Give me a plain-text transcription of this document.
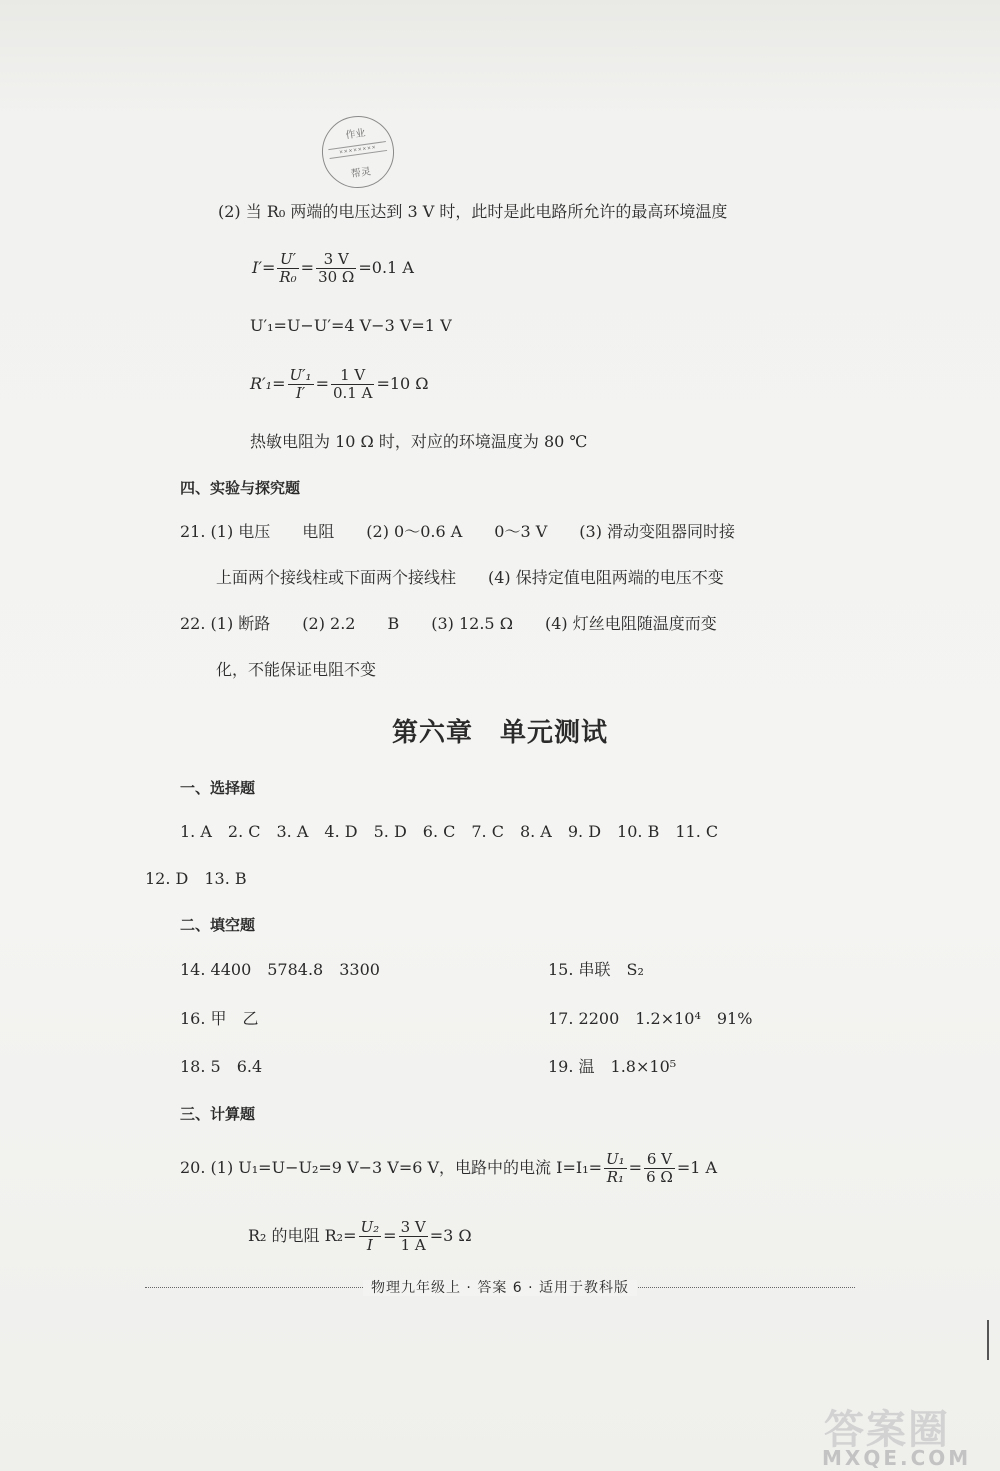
作业
××××××××
帮灵
(2) 当 R₀ 两端的电压达到 3 V 时，此时是此电路所允许的最高环境温度
$I'= \frac{U'}{\text{R₀}} = \frac{3 V}{30 \Omega} =0.1$ A
U′₁=U−U′=4 V−3 V=1 V
$R'_1= \frac{\text{U′₁}}{I'} = \frac{1 V}{0.1 A} =10$ Ω
热敏电阻为 10 Ω 时，对应的环境温度为 80 ℃
四、实验与探究题
21. (1) 电压　　电阻　　(2) 0～0.6 A　　0～3 V　　(3) 滑动变阻器同时接
上面两个接线柱或下面两个接线柱　　(4) 保持定值电阻两端的电压不变
22. (1) 断路　　(2) 2.2　　B　　(3) 12.5 Ω　　(4) 灯丝电阻随温度而变
化，不能保证电阻不变
第六章　单元测试
一、选择题
1. A　2. C　3. A　4. D　5. D　6. C　7. C　8. A　9. D　10. B　11. C
12. D　13. B
二、填空题
14. 4400　5784.8　3300	15. 串联　S₂
16. 甲　乙	17. 2200　1.2×10⁴　91%
18. 5　6.4	19. 温　1.8×10⁵
三、计算题
20. (1) U₁=U−U₂=9 V−3 V=6 V，电路中的电流 $I=I_1= \frac{\text{U₁}}{\text{R₁}} = \frac{6 V}{6 \Omega} =1$ A
R₂ 的电阻 $R_2= \frac{\text{U₂}}{I} = \frac{3 V}{1 A} =3$ Ω
物理九年级上 · 答案 6 · 适用于教科版
答案圈
MXQE.COM
